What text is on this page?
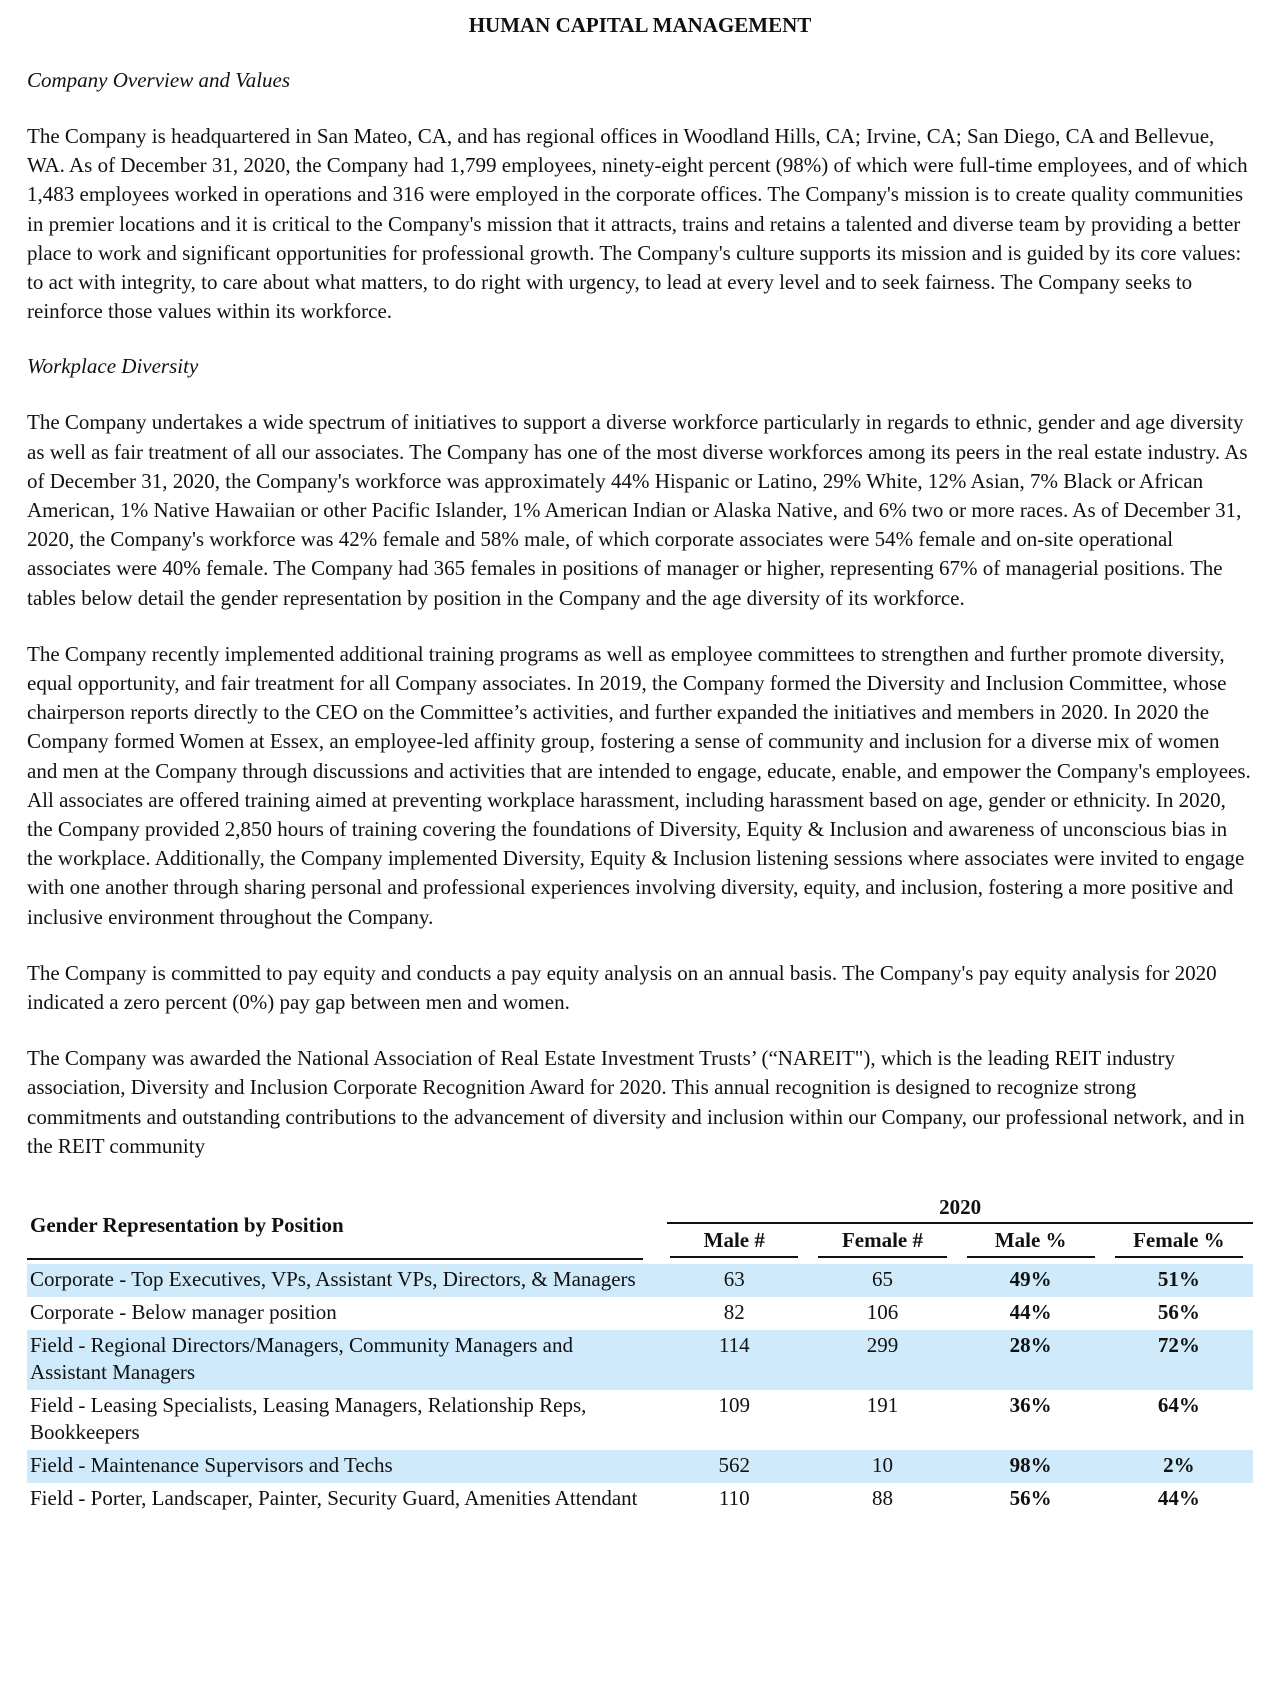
HUMAN CAPITAL MANAGEMENT
Company Overview and Values

The Company is headquartered in San Mateo, CA, and has regional offices in Woodland Hills, CA; Irvine, CA; San Diego, CA and Bellevue, WA. As of December 31, 2020, the Company had 1,799 employees, ninety-eight percent (98%) of which were full-time employees, and of which 1,483 employees worked in operations and 316 were employed in the corporate offices. The Company's mission is to create quality communities in premier locations and it is critical to the Company's mission that it attracts, trains and retains a talented and diverse team by providing a better place to work and significant opportunities for professional growth. The Company's culture supports its mission and is guided by its core values: to act with integrity, to care about what matters, to do right with urgency, to lead at every level and to seek fairness. The Company seeks to reinforce those values within its workforce.

Workplace Diversity

The Company undertakes a wide spectrum of initiatives to support a diverse workforce particularly in regards to ethnic, gender and age diversity as well as fair treatment of all our associates. The Company has one of the most diverse workforces among its peers in the real estate industry. As of December 31, 2020, the Company's workforce was approximately 44% Hispanic or Latino, 29% White, 12% Asian, 7% Black or African American, 1% Native Hawaiian or other Pacific Islander, 1% American Indian or Alaska Native, and 6% two or more races. As of December 31, 2020, the Company's workforce was 42% female and 58% male, of which corporate associates were 54% female and on-site operational associates were 40% female. The Company had 365 females in positions of manager or higher, representing 67% of managerial positions. The tables below detail the gender representation by position in the Company and the age diversity of its workforce.

The Company recently implemented additional training programs as well as employee committees to strengthen and further promote diversity, equal opportunity, and fair treatment for all Company associates. In 2019, the Company formed the Diversity and Inclusion Committee, whose chairperson reports directly to the CEO on the Committee’s activities, and further expanded the initiatives and members in 2020. In 2020 the Company formed Women at Essex, an employee-led affinity group, fostering a sense of community and inclusion for a diverse mix of women and men at the Company through discussions and activities that are intended to engage, educate, enable, and empower the Company's employees. All associates are offered training aimed at preventing workplace harassment, including harassment based on age, gender or ethnicity. In 2020, the Company provided 2,850 hours of training covering the foundations of Diversity, Equity & Inclusion and awareness of unconscious bias in the workplace. Additionally, the Company implemented Diversity, Equity & Inclusion listening sessions where associates were invited to engage with one another through sharing personal and professional experiences involving diversity, equity, and inclusion, fostering a more positive and inclusive environment throughout the Company.

The Company is committed to pay equity and conducts a pay equity analysis on an annual basis. The Company's pay equity analysis for 2020 indicated a zero percent (0%) pay gap between men and women.

The Company was awarded the National Association of Real Estate Investment Trusts’ (“NAREIT"), which is the leading REIT industry association, Diversity and Inclusion Corporate Recognition Award for 2020. This annual recognition is designed to recognize strong commitments and outstanding contributions to the advancement of diversity and inclusion within our Company, our professional network, and in the REIT community

Gender Representation by Position	2020			

	Male #	Female #	Male %	Female %

Corporate - Top Executives, VPs, Assistant VPs, Directors, & Managers	63	65	49%	51%
Corporate - Below manager position	82	106	44%	56%
Field - Regional Directors/Managers, Community Managers and Assistant Managers	114	299	28%	72%
Field - Leasing Specialists, Leasing Managers, Relationship Reps, Bookkeepers	109	191	36%	64%
Field - Maintenance Supervisors and Techs	562	10	98%	2%
Field - Porter, Landscaper, Painter, Security Guard, Amenities Attendant	110	88	56%	44%
